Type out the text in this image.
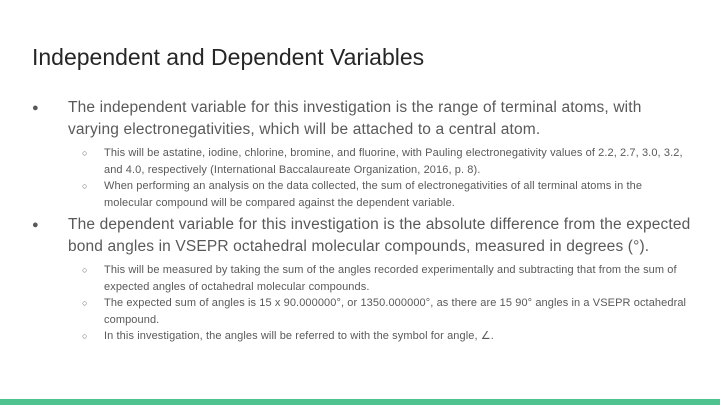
Independent and Dependent Variables
● The independent variable for this investigation is the range of terminal atoms, with varying electronegativities, which will be attached to a central atom.
○ This will be astatine, iodine, chlorine, bromine, and fluorine, with Pauling electronegativity values of 2.2, 2.7, 3.0, 3.2, and 4.0, respectively (International Baccalaureate Organization, 2016, p. 8).
○ When performing an analysis on the data collected, the sum of electronegativities of all terminal atoms in the molecular compound will be compared against the dependent variable.
● The dependent variable for this investigation is the absolute difference from the expected bond angles in VSEPR octahedral molecular compounds, measured in degrees (°).
○ This will be measured by taking the sum of the angles recorded experimentally and subtracting that from the sum of expected angles of octahedral molecular compounds.
○ The expected sum of angles is 15 x 90.000000°, or 1350.000000°, as there are 15 90° angles in a VSEPR octahedral compound.
○ In this investigation, the angles will be referred to with the symbol for angle, ∠.
